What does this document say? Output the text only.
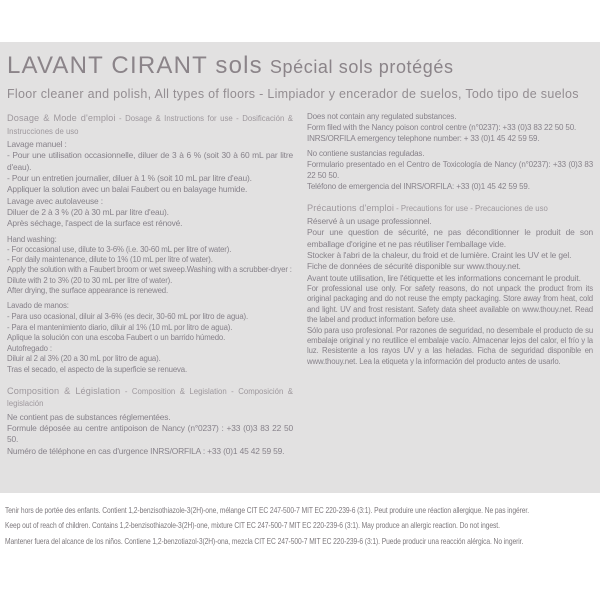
LAVANT CIRANT sols Spécial sols protégés
Floor cleaner and polish, All types of floors - Limpiador y encerador de suelos, Todo tipo de suelos
Dosage & Mode d'emploi - Dosage & Instructions for use - Dosificación & Instrucciones de uso

Lavage manuel :

- Pour une utilisation occasionnelle, diluer de 3 à 6 % (soit 30 à 60 mL par litre d'eau).

- Pour un entretien journalier, diluer à 1 % (soit 10 mL par litre d'eau).

Appliquer la solution avec un balai Faubert ou en balayage humide.

Lavage avec autolaveuse :

Diluer de 2 à 3 % (20 à 30 mL par litre d'eau).

Après séchage, l'aspect de la surface est rénové.

Hand washing:

- For occasional use, dilute to 3-6% (i.e. 30-60 mL per litre of water).

- For daily maintenance, dilute to 1% (10 mL per litre of water).

Apply the solution with a Faubert broom or wet sweep.Washing with a scrubber-dryer :

Dilute with 2 to 3% (20 to 30 mL per litre of water).

After drying, the surface appearance is renewed.

Lavado de manos:

- Para uso ocasional, diluir al 3-6% (es decir, 30-60 mL por litro de agua).

- Para el mantenimiento diario, diluir al 1% (10 mL por litro de agua).

Aplique la solución con una escoba Faubert o un barrido húmedo.

Autofregado :

Diluir al 2 al 3% (20 a 30 mL por litro de agua).

Tras el secado, el aspecto de la superficie se renueva.

Composition & Législation - Composition & Legislation - Composición & legislación

Ne contient pas de substances réglementées.

Formule déposée au centre antipoison de Nancy (n°0237) : +33 (0)3 83 22 50 50.

Numéro de téléphone en cas d'urgence INRS/ORFILA : +33 (0)1 45 42 59 59.

Does not contain any regulated substances.

Form filed with the Nancy poison control centre (n°0237): +33 (0)3 83 22 50 50.

INRS/ORFILA emergency telephone number: + 33 (0)1 45 42 59 59.

No contiene sustancias reguladas.

Formulario presentado en el Centro de Toxicología de Nancy (n°0237): +33 (0)3 83 22 50 50.

Teléfono de emergencia del INRS/ORFILA: +33 (0)1 45 42 59 59.

Précautions d'emploi - Precautions for use - Precauciones de uso

Réservé à un usage professionnel.

Pour une question de sécurité, ne pas déconditionner le produit de son emballage d'origine et ne pas réutiliser l'emballage vide.

Stocker à l'abri de la chaleur, du froid et de lumière. Craint les UV et le gel.

Fiche de données de sécurité disponible sur www.thouy.net.

Avant toute utilisation, lire l'étiquette et les informations concernant le produit.

For professional use only. For safety reasons, do not unpack the product from its original packaging and do not reuse the empty packaging. Store away from heat, cold and light. UV and frost resistant. Safety data sheet available on www.thouy.net. Read the label and product information before use.

Sólo para uso profesional. Por razones de seguridad, no desembale el producto de su embalaje original y no reutilice el embalaje vacío. Almacenar lejos del calor, el frío y la luz. Resistente a los rayos UV y a las heladas. Ficha de seguridad disponible en www.thouy.net. Lea la etiqueta y la información del producto antes de usarlo.

Tenir hors de portée des enfants. Contient 1,2-benzisothiazole-3(2H)-one, mélange CIT EC 247-500-7 MIT EC 220-239-6 (3:1). Peut produire une réaction allergique. Ne pas ingérer.

Keep out of reach of children. Contains 1,2-benzisothiazole-3(2H)-one, mixture CIT EC 247-500-7 MIT EC 220-239-6 (3:1). May produce an allergic reaction. Do not ingest.

Mantener fuera del alcance de los niños. Contiene 1,2-benzotiazol-3(2H)-ona, mezcla CIT EC 247-500-7 MIT EC 220-239-6 (3:1). Puede producir una reacción alérgica. No ingerir.
